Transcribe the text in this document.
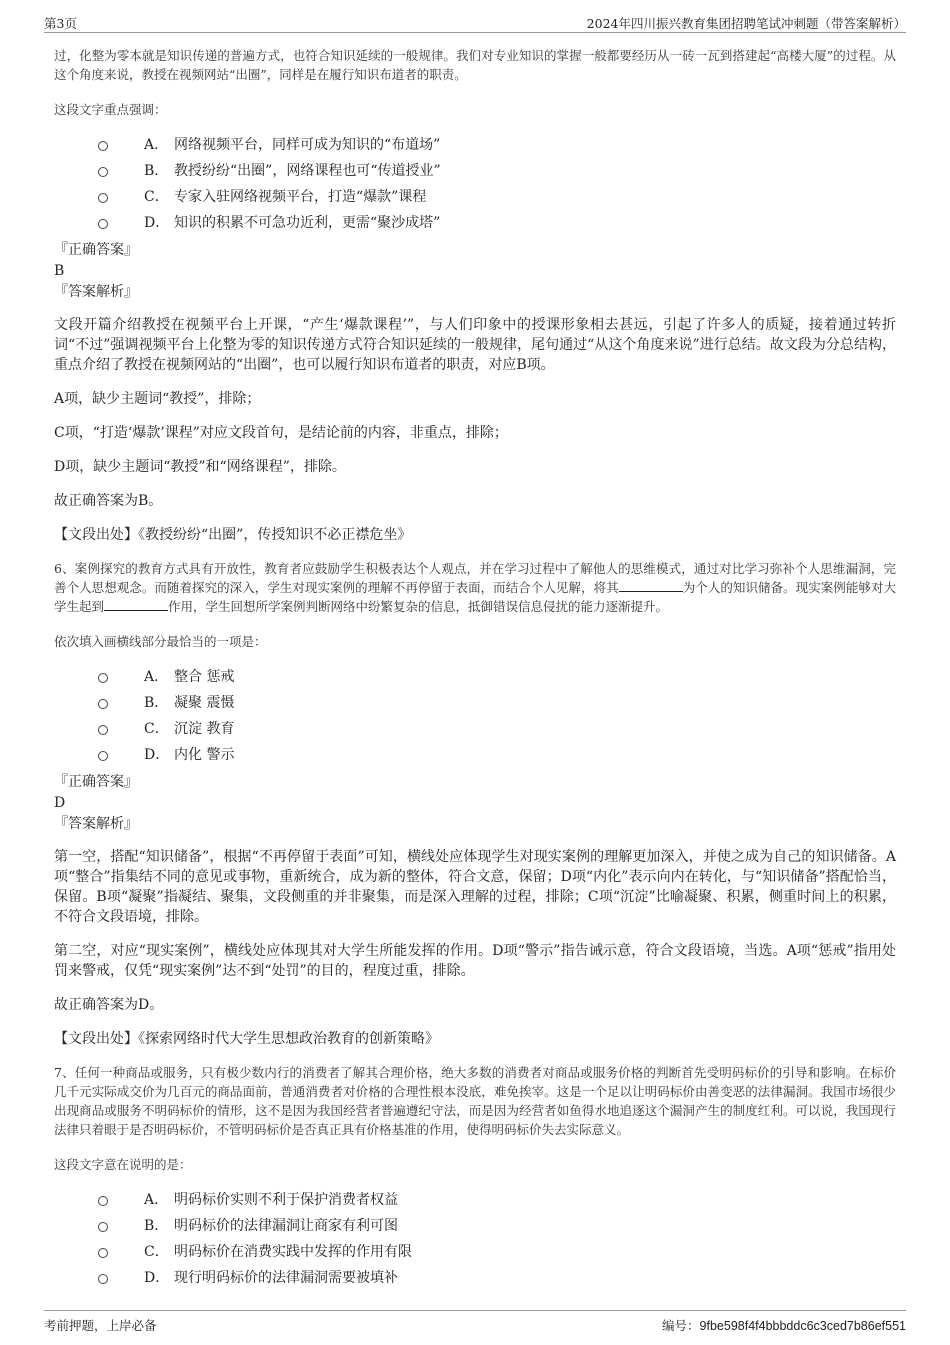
第3页	2024年四川振兴教育集团招聘笔试冲刺题（带答案解析）

过，化整为零本就是知识传递的普遍方式，也符合知识延续的一般规律。我们对专业知识的掌握一般都要经历从一砖一瓦到搭建起“高楼大厦”的过程。从这个角度来说，教授在视频网站“出圈”，同样是在履行知识布道者的职责。

这段文字重点强调：

A． 网络视频平台，同样可成为知识的“布道场”
B． 教授纷纷“出圈”，网络课程也可“传道授业”
C． 专家入驻网络视频平台，打造“爆款”课程
D． 知识的积累不可急功近利，更需“聚沙成塔”

『正确答案』

B

『答案解析』

文段开篇介绍教授在视频平台上开课，“产生‘爆款课程’”，与人们印象中的授课形象相去甚远，引起了许多人的质疑，接着通过转折词“不过”强调视频平台上化整为零的知识传递方式符合知识延续的一般规律，尾句通过“从这个角度来说”进行总结。故文段为分总结构，重点介绍了教授在视频网站的“出圈”，也可以履行知识布道者的职责，对应B项。

A项，缺少主题词“教授”，排除；

C项，“打造‘爆款’课程”对应文段首句，是结论前的内容，非重点，排除；

D项，缺少主题词“教授”和“网络课程”，排除。

故正确答案为B。

【文段出处】《教授纷纷“出圈”，传授知识不必正襟危坐》

6、案例探究的教育方式具有开放性，教育者应鼓励学生积极表达个人观点，并在学习过程中了解他人的思维模式，通过对比学习弥补个人思维漏洞，完善个人思想观念。而随着探究的深入，学生对现实案例的理解不再停留于表面，而结合个人见解，将其	为个人的知识储备。现实案例能够对大学生起到	作用，学生回想所学案例判断网络中纷繁复杂的信息，抵御错误信息侵扰的能力逐渐提升。

依次填入画横线部分最恰当的一项是：

A． 整合 惩戒
B． 凝聚 震慑
C． 沉淀 教育
D． 内化 警示

『正确答案』

D

『答案解析』

第一空，搭配“知识储备”，根据“不再停留于表面”可知，横线处应体现学生对现实案例的理解更加深入，并使之成为自己的知识储备。A项“整合”指集结不同的意见或事物，重新统合，成为新的整体，符合文意，保留；D项“内化”表示向内在转化，与“知识储备”搭配恰当，保留。B项“凝聚”指凝结、聚集，文段侧重的并非聚集，而是深入理解的过程，排除；C项“沉淀”比喻凝聚、积累，侧重时间上的积累，不符合文段语境，排除。

第二空，对应“现实案例”，横线处应体现其对大学生所能发挥的作用。D项“警示”指告诫示意，符合文段语境，当选。A项“惩戒”指用处罚来警戒，仅凭“现实案例”达不到“处罚”的目的，程度过重，排除。

故正确答案为D。

【文段出处】《探索网络时代大学生思想政治教育的创新策略》

7、任何一种商品或服务，只有极少数内行的消费者了解其合理价格，绝大多数的消费者对商品或服务价格的判断首先受明码标价的引导和影响。在标价几千元实际成交价为几百元的商品面前，普通消费者对价格的合理性根本没底，难免挨宰。这是一个足以让明码标价由善变恶的法律漏洞。我国市场很少出现商品或服务不明码标价的情形，这不是因为我国经营者普遍遵纪守法，而是因为经营者如鱼得水地追逐这个漏洞产生的制度红利。可以说，我国现行法律只着眼于是否明码标价，不管明码标价是否真正具有价格基准的作用，使得明码标价失去实际意义。

这段文字意在说明的是：

A． 明码标价实则不利于保护消费者权益
B． 明码标价的法律漏洞让商家有利可图
C． 明码标价在消费实践中发挥的作用有限
D． 现行明码标价的法律漏洞需要被填补
考前押题，上岸必备	编号：9fbe598f4f4bbbddc6c3ced7b86ef551
